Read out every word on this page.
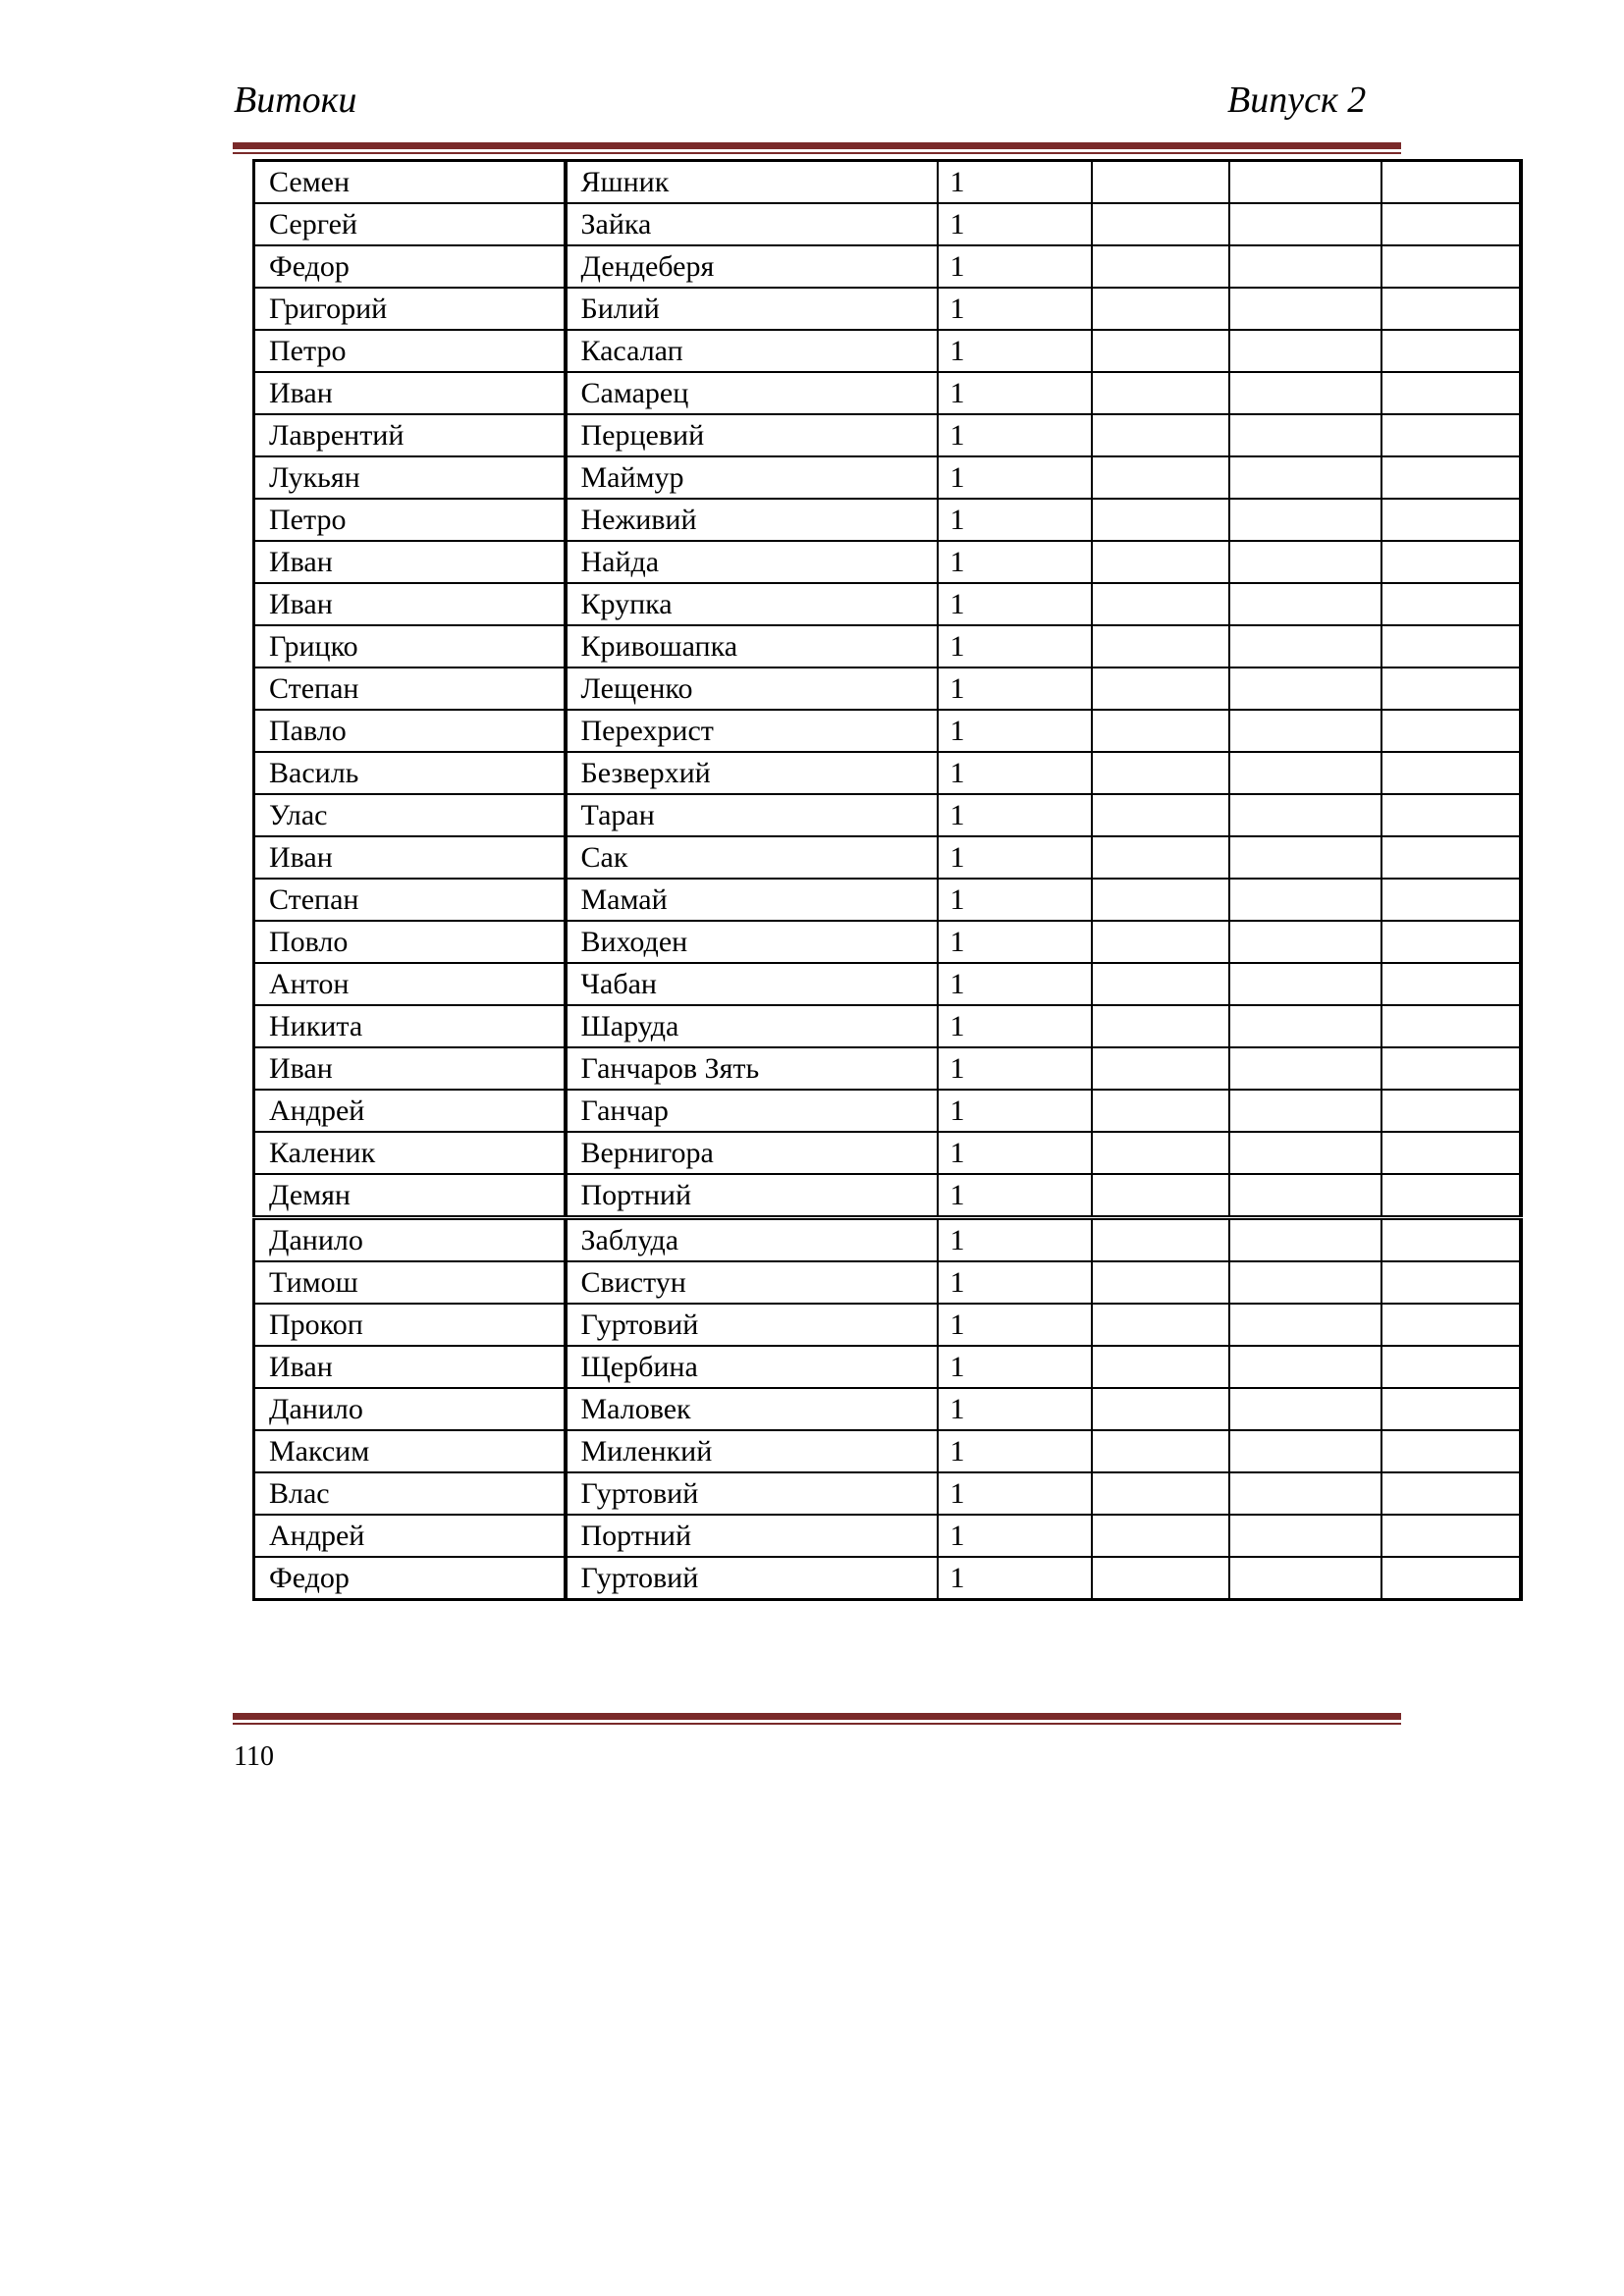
Витоки	Випуск 2
Семен	Яшник	1			
Сергей	Зайка	1			
Федор	Дендеберя	1			
Григорий	Билий	1			
Петро	Касалап	1			
Иван	Самарец	1			
Лаврентий	Перцевий	1			
Лукьян	Маймур	1			
Петро	Неживий	1			
Иван	Найда	1			
Иван	Крупка	1			
Грицко	Кривошапка	1			
Степан	Лещенко	1			
Павло	Перехрист	1			
Василь	Безверхий	1			
Улас	Таран	1			
Иван	Сак	1			
Степан	Мамай	1			
Повло	Виходен	1			
Антон	Чабан	1			
Никита	Шаруда	1			
Иван	Ганчаров Зять	1			
Андрей	Ганчар	1			
Каленик	Вернигора	1			
Демян	Портний	1			
Данило	Заблуда	1			
Тимош	Свистун	1			
Прокоп	Гуртовий	1			
Иван	Щербина	1			
Данило	Маловек	1			
Максим	Миленкий	1			
Влас	Гуртовий	1			
Андрей	Портний	1			
Федор	Гуртовий	1			
110
